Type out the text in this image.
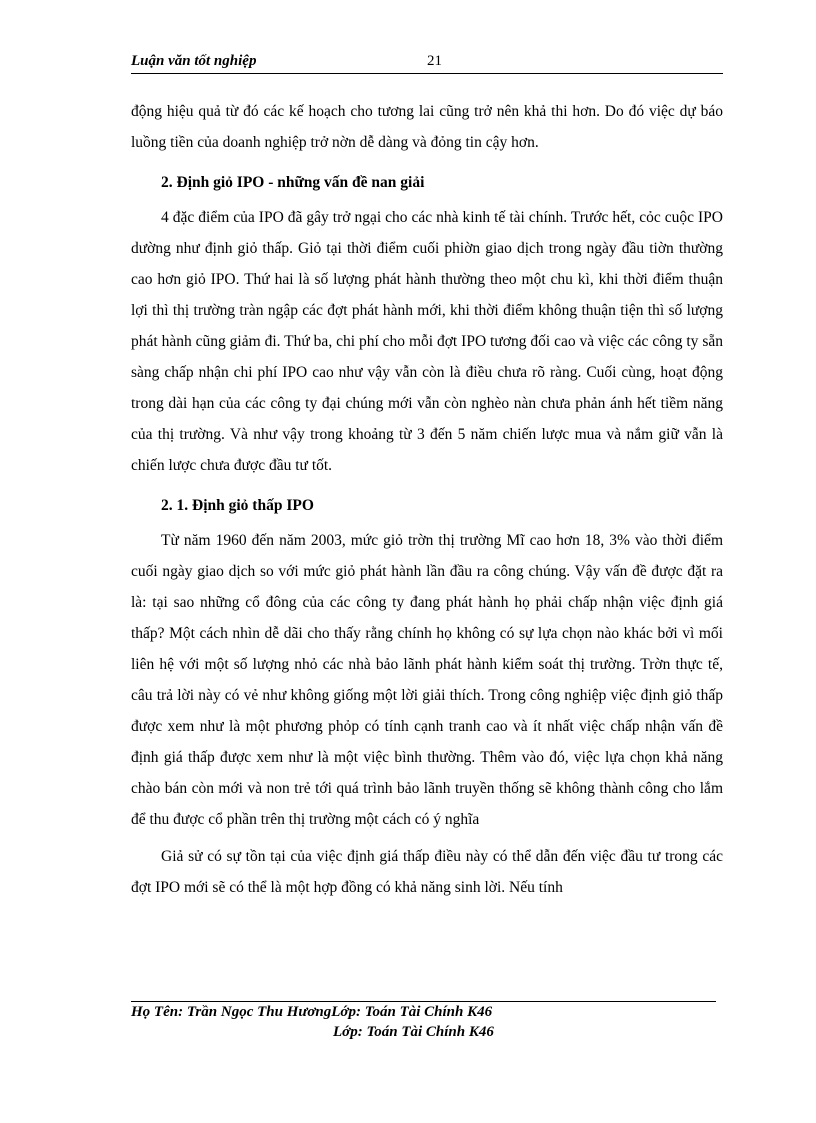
Luận văn tốt nghiệp	21

động hiệu quả từ đó các kế hoạch cho tương lai cũng trở nên khả thi hơn. Do đó việc dự báo luồng tiền của doanh nghiệp trở nờn dễ dàng và đỏng tin cậy hơn.

2. Định giỏ IPO - những vấn đề nan giải

4 đặc điểm của IPO đã gây trở ngại cho các nhà kinh tế tài chính. Trước hết, cỏc cuộc IPO dường như định giỏ thấp. Giỏ tại thời điểm cuối phiờn giao dịch trong ngày đầu tiờn thường cao hơn giỏ IPO. Thứ hai là số lượng phát hành thường theo một chu kì, khi thời điểm thuận lợi thì thị trường tràn ngập các đợt phát hành mới, khi thời điểm không thuận tiện thì số lượng phát hành cũng giảm đi. Thứ ba, chi phí cho mỗi đợt IPO tương đối cao và việc các công ty sẵn sàng chấp nhận chi phí IPO cao như vậy vẫn còn là điều chưa rõ ràng. Cuối cùng, hoạt động trong dài hạn của các công ty đại chúng mới vẫn còn nghèo nàn chưa phản ánh hết tiềm năng của thị trường. Và như vậy trong khoảng từ 3 đến 5 năm chiến lược mua và nắm giữ vẫn là chiến lược chưa được đầu tư tốt.

2. 1. Định giỏ thấp IPO

Từ năm 1960 đến năm 2003, mức giỏ trờn thị trường Mĩ cao hơn 18, 3% vào thời điểm cuối ngày giao dịch so với mức giỏ phát hành lần đầu ra công chúng. Vậy vấn đề được đặt ra là: tại sao những cổ đông của các công ty đang phát hành họ phải chấp nhận việc định giá thấp? Một cách nhìn dễ dãi cho thấy rằng chính họ không có sự lựa chọn nào khác bởi vì mối liên hệ với một số lượng nhỏ các nhà bảo lãnh phát hành kiểm soát thị trường. Trờn thực tế, câu trả lời này có vẻ như không giống một lời giải thích. Trong công nghiệp việc định giỏ thấp được xem như là một phương phỏp có tính cạnh tranh cao và ít nhất việc chấp nhận vấn đề định giá thấp được xem như là một việc bình thường. Thêm vào đó, việc lựa chọn khả năng chào bán còn mới và non trẻ tới quá trình bảo lãnh truyền thống sẽ không thành công cho lắm để thu được cổ phần trên thị trường một cách có ý nghĩa

Giả sử có sự tồn tại của việc định giá thấp điều này có thể dẫn đến việc đầu tư trong các đợt IPO mới sẽ có thể là một hợp đồng có khả năng sinh lời. Nếu tính

Họ Tên: Trần Ngọc Thu HươngLớp: Toán Tài Chính K46
Lớp: Toán Tài Chính K46
